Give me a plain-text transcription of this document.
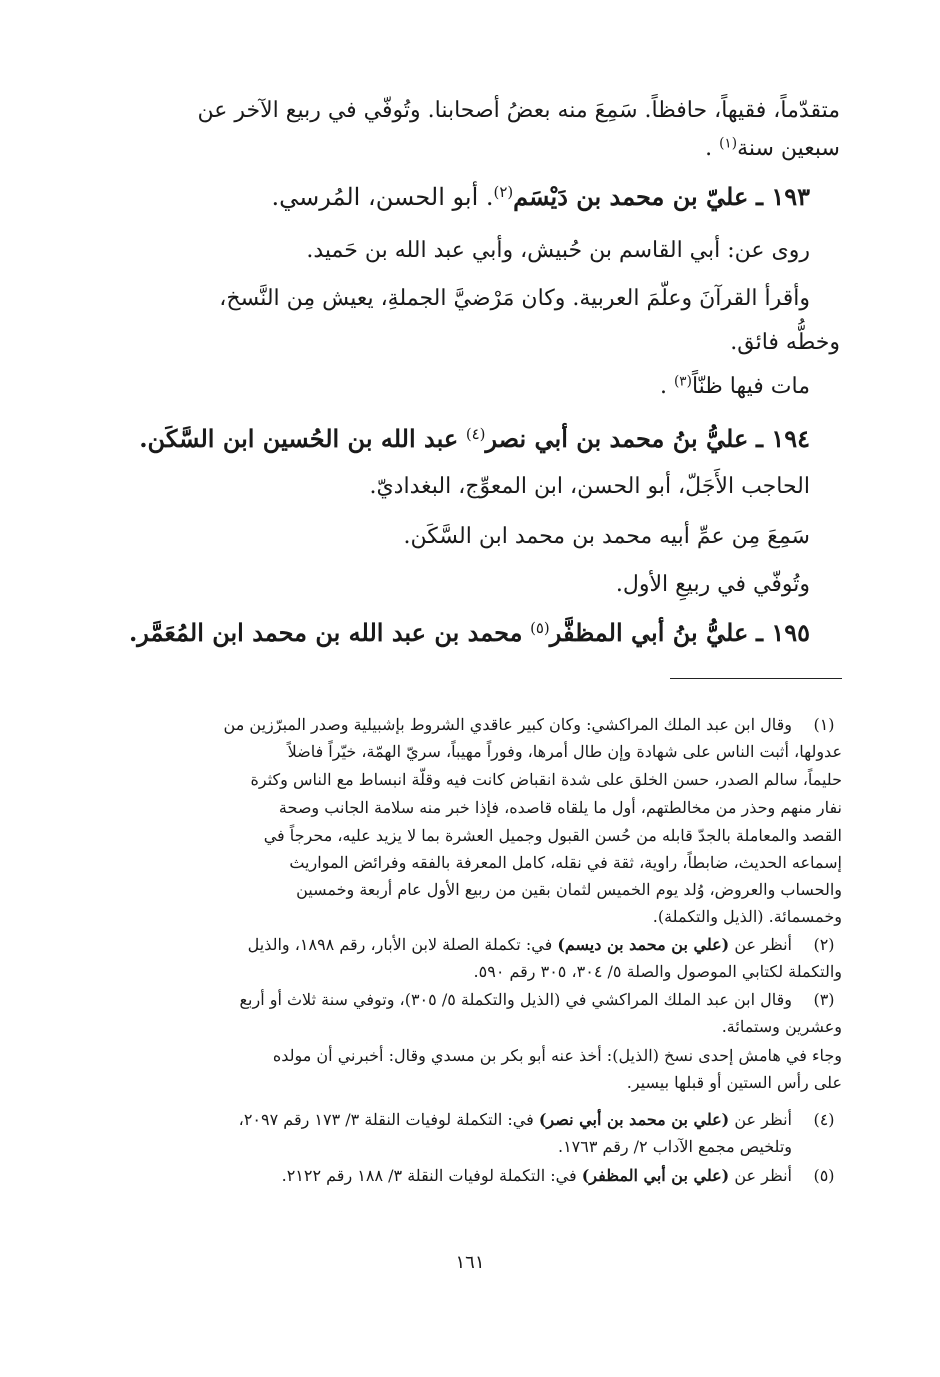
متقدّماً، فقيهاً، حافظاً. سَمِعَ منه بعضُ أصحابنا. وتُوفّي في ربيع الآخر عن
سبعين سنة$^{(١)}$ .
١٩٣ ـ عليّ بن محمد بن دَيْسَم$^{(٢)}$. أبو الحسن، المُرسي.
روى عن: أبي القاسم بن حُبيش، وأبي عبد الله بن حَميد.
وأقرأ القرآنَ وعلّمَ العربية. وكان مَرْضيَّ الجملةِ، يعيش مِن النَّسخ،
وخطُّه فائق.
مات فيها ظنّاً$^{(٣)}$ .
١٩٤ ـ عليُّ بنُ محمد بن أبي نصر$^{(٤)}$ عبد الله بن الحُسين ابن السَّكَن.
الحاجب الأَجَلّ، أبو الحسن، ابن المعوِّج، البغداديّ.
سَمِعَ مِن عمِّ أبيه محمد بن محمد ابن السَّكَن.
وتُوفّي في ربيعِ الأول.
١٩٥ ـ عليُّ بنُ أبي المظفَّر$^{(٥)}$ محمد بن عبد الله بن محمد ابن المُعَمَّر.
(١)
وقال ابن عبد الملك المراكشي: وكان كبير عاقدي الشروط بإشبيلية وصدر المبرّزين من
عدولها، أثبت الناس على شهادة وإن طال أمرها، وفوراً مهيباً، سريّ الهمّة، خيّراً فاضلاً
حليماً، سالم الصدر، حسن الخلق على شدة انقباض كانت فيه وقلّة انبساط مع الناس وكثرة
نفار منهم وحذر من مخالطتهم، أول ما يلقاه قاصده، فإذا خبر منه سلامة الجانب وصحة
القصد والمعاملة بالجدّ قابله من حُسن القبول وجميل العشرة بما لا يزيد عليه، محرجاً في
إسماعه الحديث، ضابطاً، راوية، ثقة في نقله، كامل المعرفة بالفقه وفرائض المواريث
والحساب والعروض، وُلد يوم الخميس لثمان بقين من ربيع الأول عام أربعة وخمسين
وخمسمائة. (الذيل والتكملة).
(٢)
أنظر عن (علي بن محمد بن ديسم) في: تكملة الصلة لابن الأبار، رقم ١٨٩٨، والذيل
والتكملة لكتابي الموصول والصلة ٥/ ٣٠٤، ٣٠٥ رقم ٥٩٠.
(٣)
وقال ابن عبد الملك المراكشي في (الذيل والتكملة ٥/ ٣٠٥)، وتوفي سنة ثلاث أو أربع
وعشرين وستمائة.
وجاء في هامش إحدى نسخ (الذيل): أخذ عنه أبو بكر بن مسدي وقال: أخبرني أن مولده
على رأس الستين أو قبلها بيسير.
(٤)
أنظر عن (علي بن محمد بن أبي نصر) في: التكملة لوفيات النقلة ٣/ ١٧٣ رقم ٢٠٩٧،
وتلخيص مجمع الآداب ٢/ رقم ١٧٦٣.
(٥)
أنظر عن (علي بن أبي المظفر) في: التكملة لوفيات النقلة ٣/ ١٨٨ رقم ٢١٢٢.
١٦١
